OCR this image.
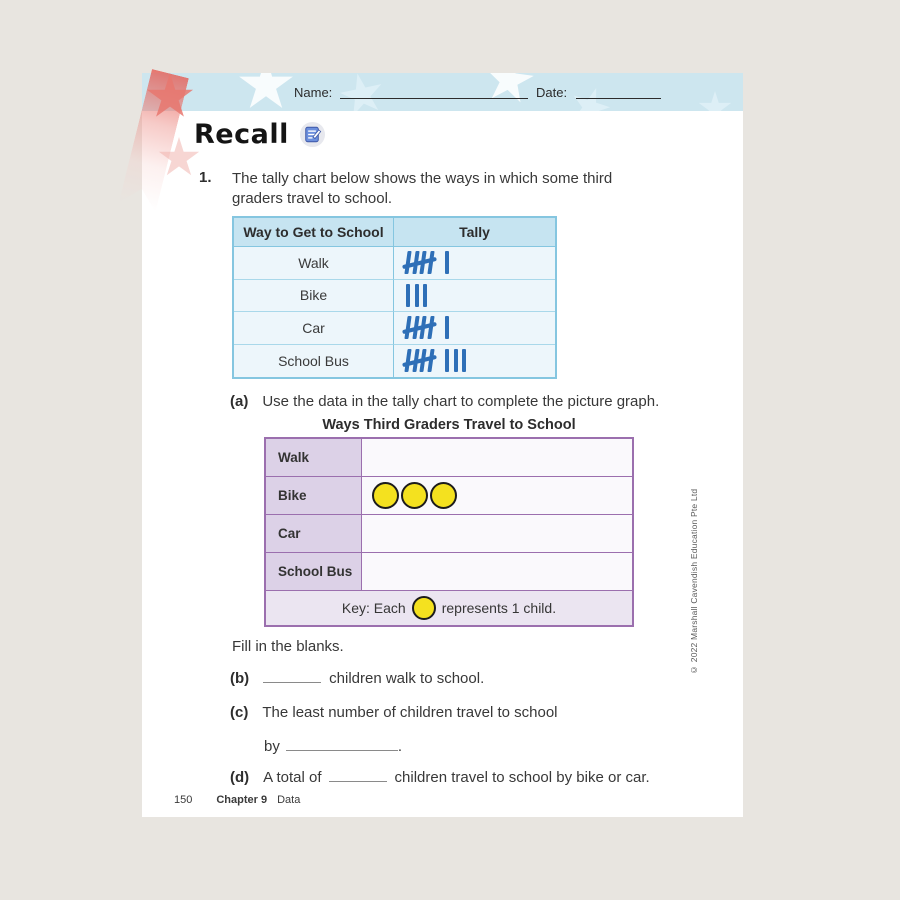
Name:	Date:
Recall
1. The tally chart below shows the ways in which some third
graders travel to school.
Way to Get to School	Tally
Walk
Bike
Car
School Bus
(a) Use the data in the tally chart to complete the picture graph.
Ways Third Graders Travel to School
Walk
Bike
Car
School Bus
Key: Each	represents 1 child.
Fill in the blanks.
(b)	children walk to school.
(c) The least number of children travel to school
by	.
(d) A total of	children travel to school by bike or car.
150 Chapter 9 Data
© 2022 Marshall Cavendish Education Pte Ltd
